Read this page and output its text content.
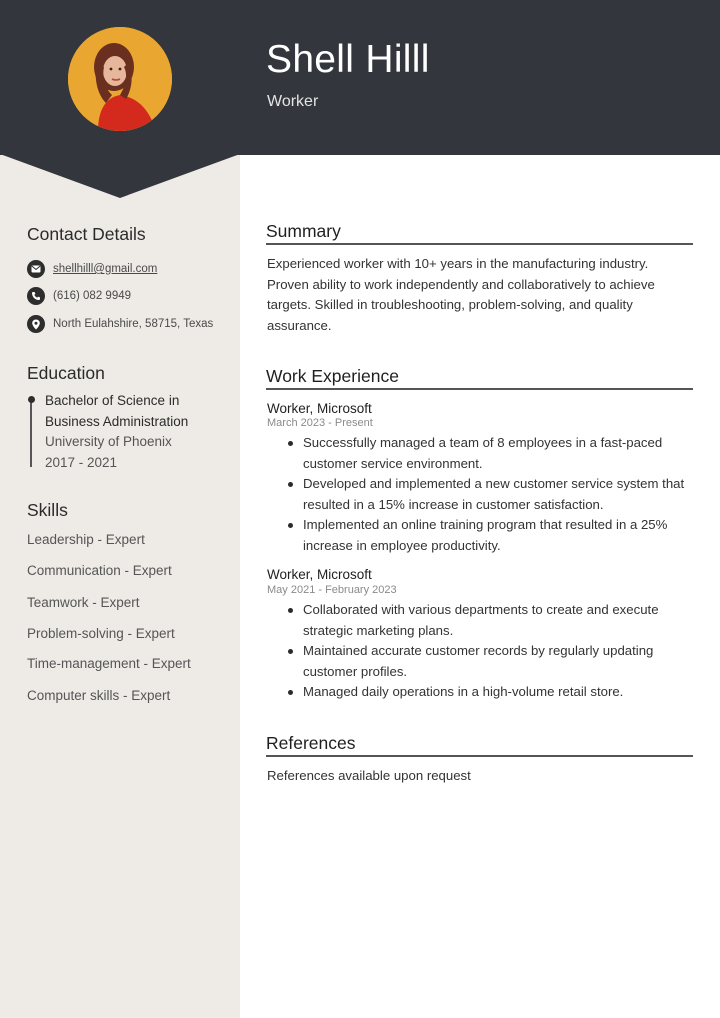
Shell Hilll
Worker
Contact Details
shellhilll@gmail.com
(616) 082 9949
North Eulahshire, 58715, Texas
Education
Bachelor of Science in Business Administration
University of Phoenix
2017 - 2021
Skills
Leadership - Expert
Communication - Expert
Teamwork - Expert
Problem-solving - Expert
Time-management - Expert
Computer skills - Expert
Summary
Experienced worker with 10+ years in the manufacturing industry. Proven ability to work independently and collaboratively to achieve targets. Skilled in troubleshooting, problem-solving, and quality assurance.
Work Experience
Worker, Microsoft
March 2023 - Present
Successfully managed a team of 8 employees in a fast-paced customer service environment.
Developed and implemented a new customer service system that resulted in a 15% increase in customer satisfaction.
Implemented an online training program that resulted in a 25% increase in employee productivity.
Worker, Microsoft
May 2021 - February 2023
Collaborated with various departments to create and execute strategic marketing plans.
Maintained accurate customer records by regularly updating customer profiles.
Managed daily operations in a high-volume retail store.
References
References available upon request
